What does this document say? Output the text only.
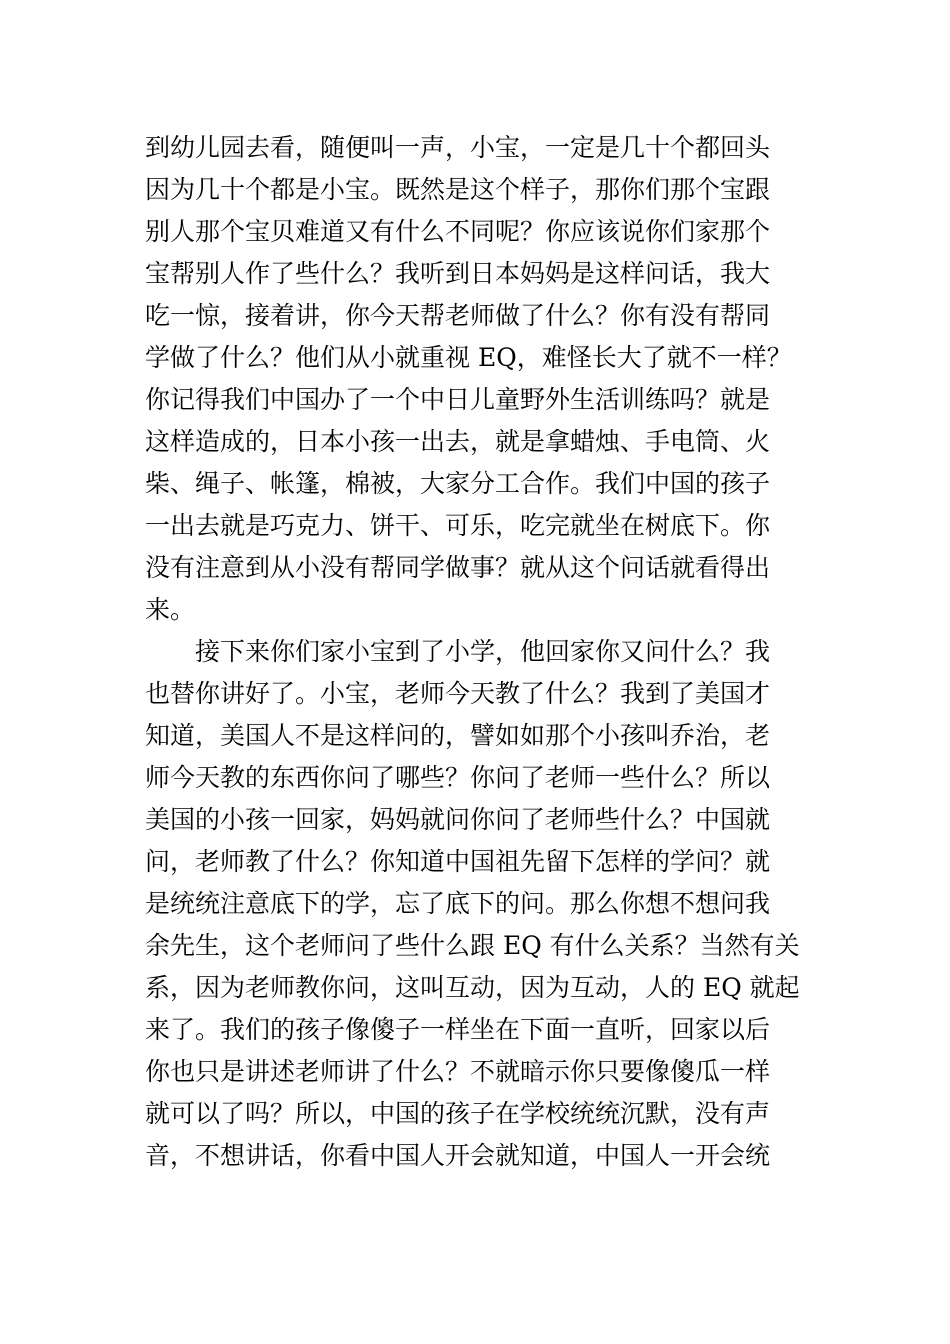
到幼儿园去看，随便叫一声，小宝，一定是几十个都回头
因为几十个都是小宝。既然是这个样子，那你们那个宝跟
别人那个宝贝难道又有什么不同呢？你应该说你们家那个
宝帮别人作了些什么？我听到日本妈妈是这样问话，我大
吃一惊，接着讲，你今天帮老师做了什么？你有没有帮同
学做了什么？他们从小就重视 EQ，难怪长大了就不一样？
你记得我们中国办了一个中日儿童野外生活训练吗？就是
这样造成的，日本小孩一出去，就是拿蜡烛、手电筒、火
柴、绳子、帐篷，棉被，大家分工合作。我们中国的孩子
一出去就是巧克力、饼干、可乐，吃完就坐在树底下。你
没有注意到从小没有帮同学做事？就从这个问话就看得出
来。
接下来你们家小宝到了小学，他回家你又问什么？我
也替你讲好了。小宝，老师今天教了什么？我到了美国才
知道，美国人不是这样问的，譬如如那个小孩叫乔治，老
师今天教的东西你问了哪些？你问了老师一些什么？所以
美国的小孩一回家，妈妈就问你问了老师些什么？中国就
问，老师教了什么？你知道中国祖先留下怎样的学问？就
是统统注意底下的学，忘了底下的问。那么你想不想问我
余先生，这个老师问了些什么跟 EQ 有什么关系？当然有关
系，因为老师教你问，这叫互动，因为互动，人的 EQ 就起
来了。我们的孩子像傻子一样坐在下面一直听，回家以后
你也只是讲述老师讲了什么？不就暗示你只要像傻瓜一样
就可以了吗？所以，中国的孩子在学校统统沉默，没有声
音，不想讲话，你看中国人开会就知道，中国人一开会统
